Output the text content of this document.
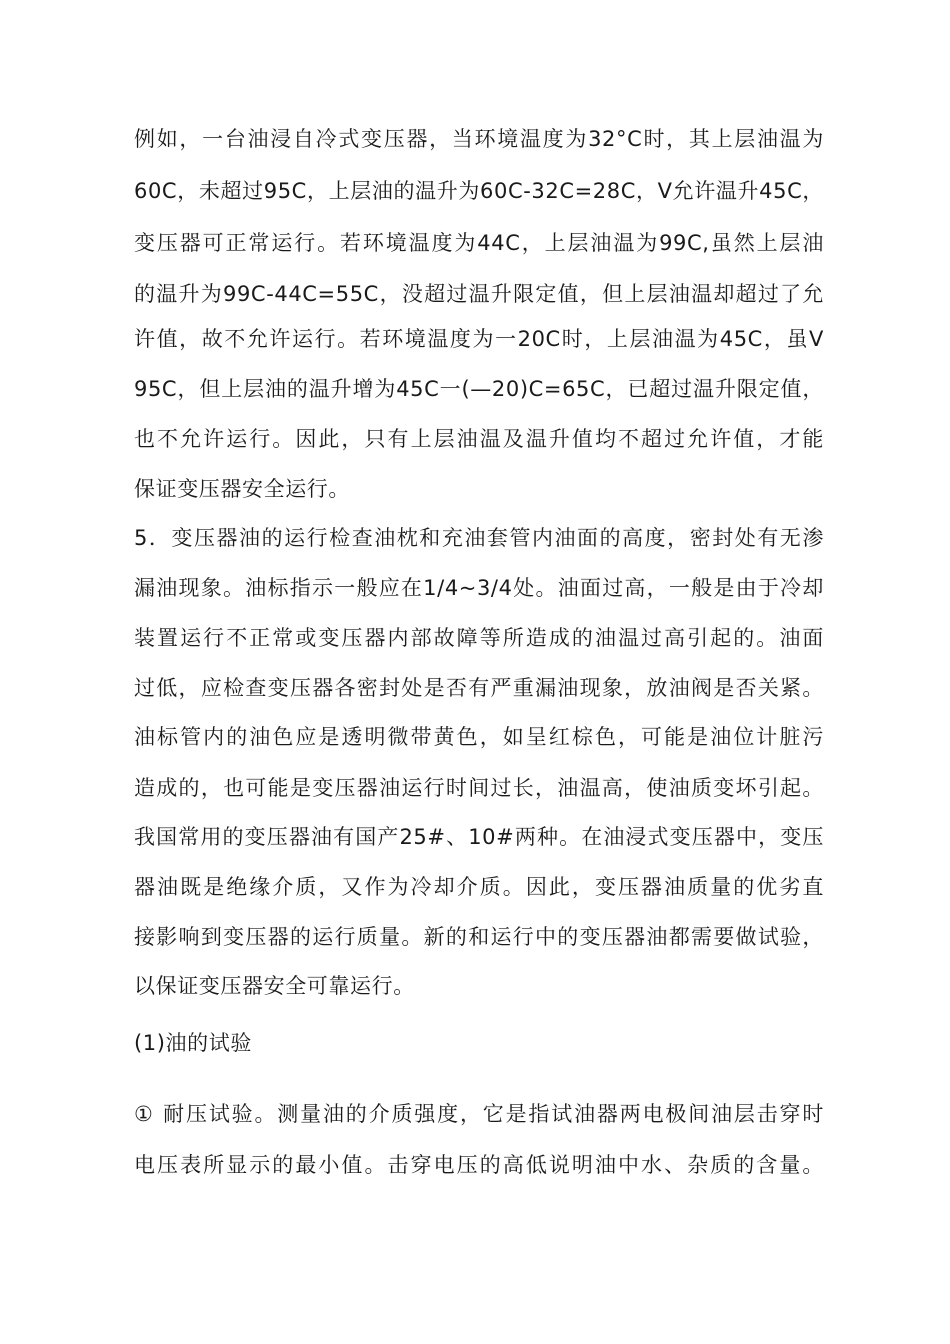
例如，一台油浸自冷式变压器，当环境温度为32°C时，其上层油温为
60C，未超过95C，上层油的温升为60C-32C=28C，V允许温升45C，
变压器可正常运行。若环境温度为44C，上层油温为99C,虽然上层油
的温升为99C-44C=55C，没超过温升限定值，但上层油温却超过了允
许值，故不允许运行。若环境温度为一20C时，上层油温为45C，虽V
95C，但上层油的温升增为45C一(—20)C=65C，已超过温升限定值，
也不允许运行。因此，只有上层油温及温升值均不超过允许值，才能
保证变压器安全运行。
5．变压器油的运行检查油枕和充油套管内油面的高度，密封处有无渗
漏油现象。油标指示一般应在1/4~3/4处。油面过高，一般是由于冷却
装置运行不正常或变压器内部故障等所造成的油温过高引起的。油面
过低，应检查变压器各密封处是否有严重漏油现象，放油阀是否关紧。
油标管内的油色应是透明微带黄色，如呈红棕色，可能是油位计脏污
造成的，也可能是变压器油运行时间过长，油温高，使油质变坏引起。
我国常用的变压器油有国产25#、10#两种。在油浸式变压器中，变压
器油既是绝缘介质，又作为冷却介质。因此，变压器油质量的优劣直
接影响到变压器的运行质量。新的和运行中的变压器油都需要做试验，
以保证变压器安全可靠运行。
(1)油的试验
① 耐压试验。测量油的介质强度，它是指试油器两电极间油层击穿时
电压表所显示的最小值。击穿电压的高低说明油中水、杂质的含量。
